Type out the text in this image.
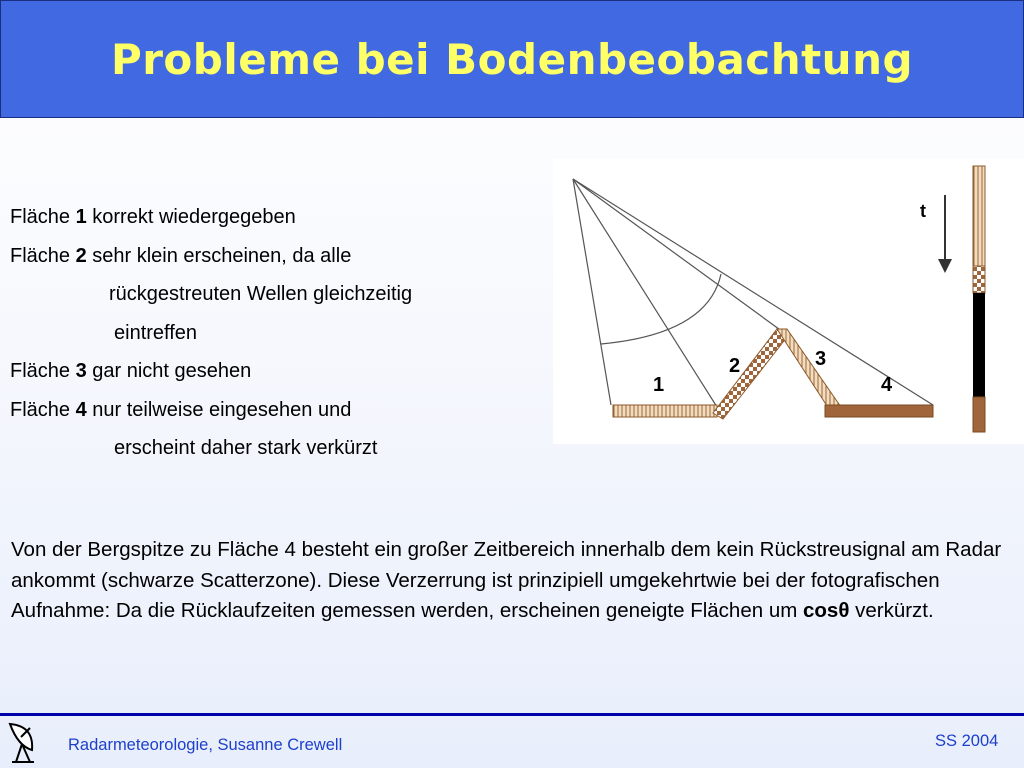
Probleme bei Bodenbeobachtung
Fläche 1 korrekt wiedergegeben
Fläche 2 sehr klein erscheinen, da alle
rückgestreuten Wellen gleichzeitig
eintreffen
Fläche 3 gar nicht gesehen
Fläche 4 nur teilweise eingesehen und
erscheint daher stark verkürzt
1
2	3
4
t
Von der Bergspitze zu Fläche 4 besteht ein großer Zeitbereich innerhalb dem kein Rückstreusignal am Radar ankommt (schwarze Scatterzone). Diese Verzerrung ist prinzipiell umgekehrtwie bei der fotografischen Aufnahme: Da die Rücklaufzeiten gemessen werden, erscheinen geneigte Flächen um cosθ verkürzt.
Radarmeteorologie, Susanne Crewell	SS 2004
